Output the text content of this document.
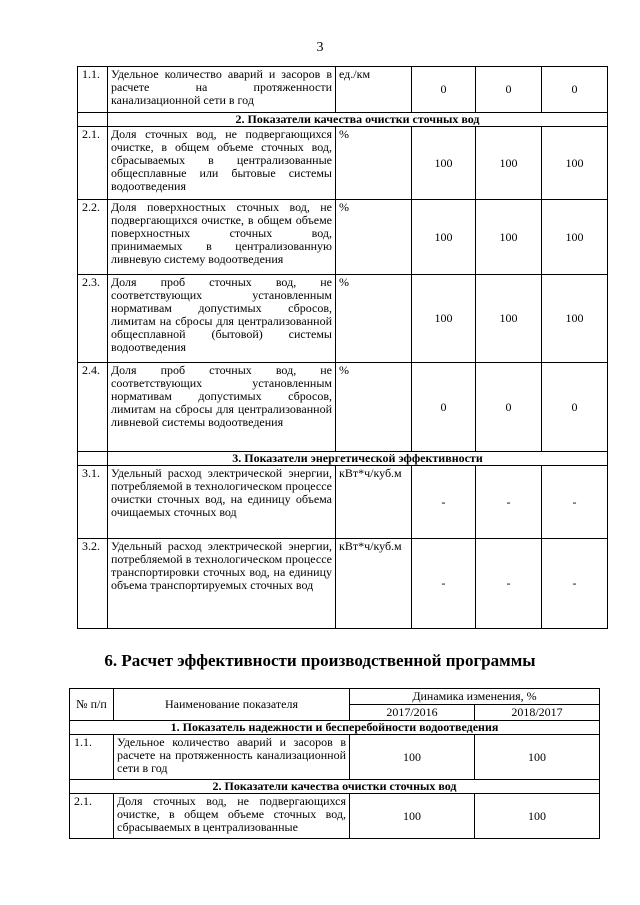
3
1.1.	Удельное количество аварий и засоров в расчете на протяженности канализационной сети в год	ед./км	0	0	0
	2. Показатели качества очистки сточных вод				
2.1.	Доля сточных вод, не подвергающихся очистке, в общем объеме сточных вод, сбрасываемых в централизованные общесплавные или бытовые системы водоотведения	%	100	100	100
2.2.	Доля поверхностных сточных вод, не подвергающихся очистке, в общем объеме поверхностных сточных вод, принимаемых в централизованную ливневую систему водоотведения	%	100	100	100
2.3.	Доля проб сточных вод, не соответствующих установленным нормативам допустимых сбросов, лимитам на сбросы для централизованной общесплавной (бытовой) системы водоотведения	%	100	100	100
2.4.	Доля проб сточных вод, не соответствующих установленным нормативам допустимых сбросов, лимитам на сбросы для централизованной ливневой системы водоотведения	%	0	0	0
	3. Показатели энергетической эффективности				
3.1.	Удельный расход электрической энергии, потребляемой в технологическом процессе очистки сточных вод, на единицу объема очищаемых сточных вод	кВт*ч/куб.м	-	-	-
3.2.	Удельный расход электрической энергии, потребляемой в технологическом процессе транспортировки сточных вод, на единицу объема транспортируемых сточных вод	кВт*ч/куб.м	-	-	-
6. Расчет эффективности производственной программы
№ п/п	Наименование показателя	Динамика изменения, %	
		2017/2016	2018/2017
1. Показатель надежности и бесперебойности водоотведения			
1.1.	Удельное количество аварий и засоров в расчете на протяженность канализационной сети в год	100	100
2. Показатели качества очистки сточных вод			
2.1.	Доля сточных вод, не подвергающихся очистке, в общем объеме сточных вод, сбрасываемых в централизованные	100	100
